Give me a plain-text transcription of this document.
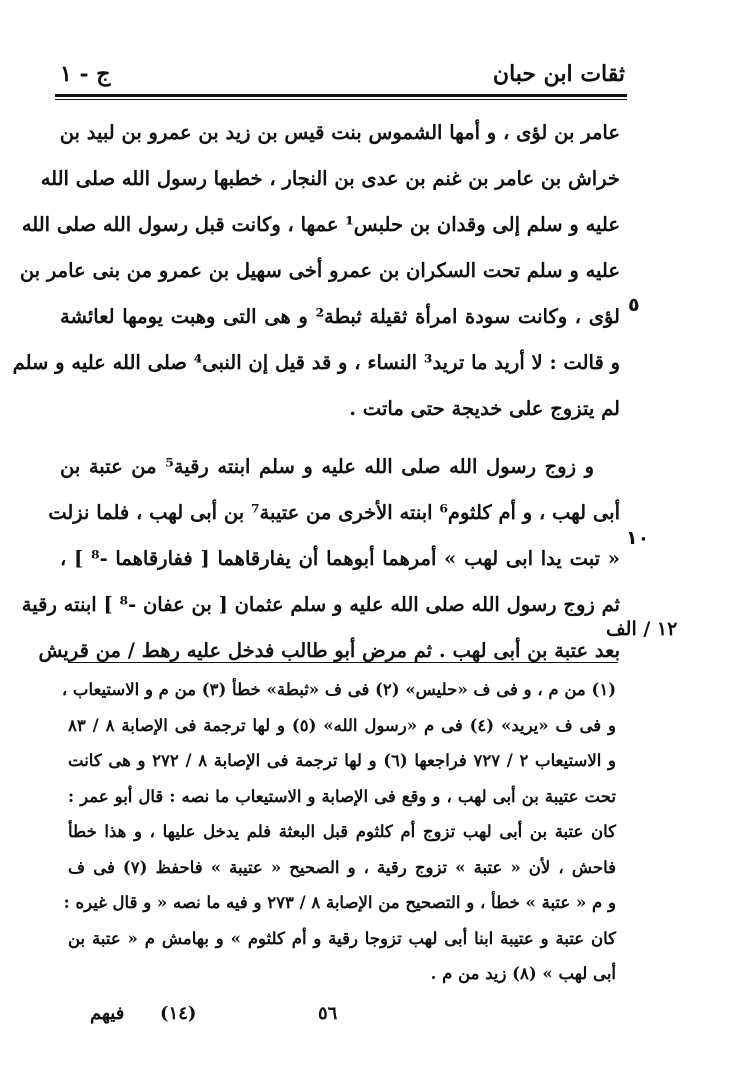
ثقات ابن حبان
ج - ١
عامر بن لؤى ، و أمها الشموس بنت قيس بن زيد بن عمرو بن لبيد بن
خراش بن عامر بن غنم بن عدى بن النجار ، خطبها رسول الله صلى الله
عليه و سلم إلى وقدان بن حلبس¹ عمها ، وكانت قبل رسول الله صلى الله
عليه و سلم تحت السكران بن عمرو أخى سهيل بن عمرو من بنى عامر بن
لؤى ، وكانت سودة امرأة ثقيلة ثبطة² و هى التى وهبت يومها لعائشة
و قالت : لا أريد ما تريد³ النساء ، و قد قيل إن النبى⁴ صلى الله عليه و سلم
لم يتزوج على خديجة حتى ماتت .
و زوج رسول الله صلى الله عليه و سلم ابنته رقية⁵ من عتبة بن
أبى لهب ، و أم كلثوم⁶ ابنته الأخرى من عتيبة⁷ بن أبى لهب ، فلما نزلت
« تبت يدا ابى لهب » أمرهما أبوهما أن يفارقاهما [ ففارقاهما -⁸ ] ،
ثم زوج رسول الله صلى الله عليه و سلم عثمان [ بن عفان -⁸ ] ابنته رقية
بعد عتبة بن أبى لهب . ثم مرض أبو طالب فدخل عليه رهط / من قريش
٥
١٠
١٢ / الف
(١) من م ، و فى ف «حليس» (٢) فى ف «ثبطة» خطأ (٣) من م و الاستيعاب ،
و فى ف «يريد» (٤) فى م «رسول الله» (٥) و لها ترجمة فى الإصابة ٨ / ٨٣
و الاستيعاب ٢ / ٧٢٧ فراجعها (٦) و لها ترجمة فى الإصابة ٨ / ٢٧٢ و هى كانت
تحت عتيبة بن أبى لهب ، و وقع فى الإصابة و الاستيعاب ما نصه : قال أبو عمر :
كان عتبة بن أبى لهب تزوج أم كلثوم قبل البعثة فلم يدخل عليها ، و هذا خطأ
فاحش ، لأن « عتبة » تزوج رقية ، و الصحيح « عتيبة » فاحفظ (٧) فى ف
و م « عتبة » خطأ ، و التصحيح من الإصابة ٨ / ٢٧٣ و فيه ما نصه « و قال غيره :
كان عتبة و عتيبة ابنا أبى لهب تزوجا رقية و أم كلثوم » و بهامش م « عتبة بن
أبى لهب » (٨) زيد من م .
٥٦
(١٤)
فيهم
